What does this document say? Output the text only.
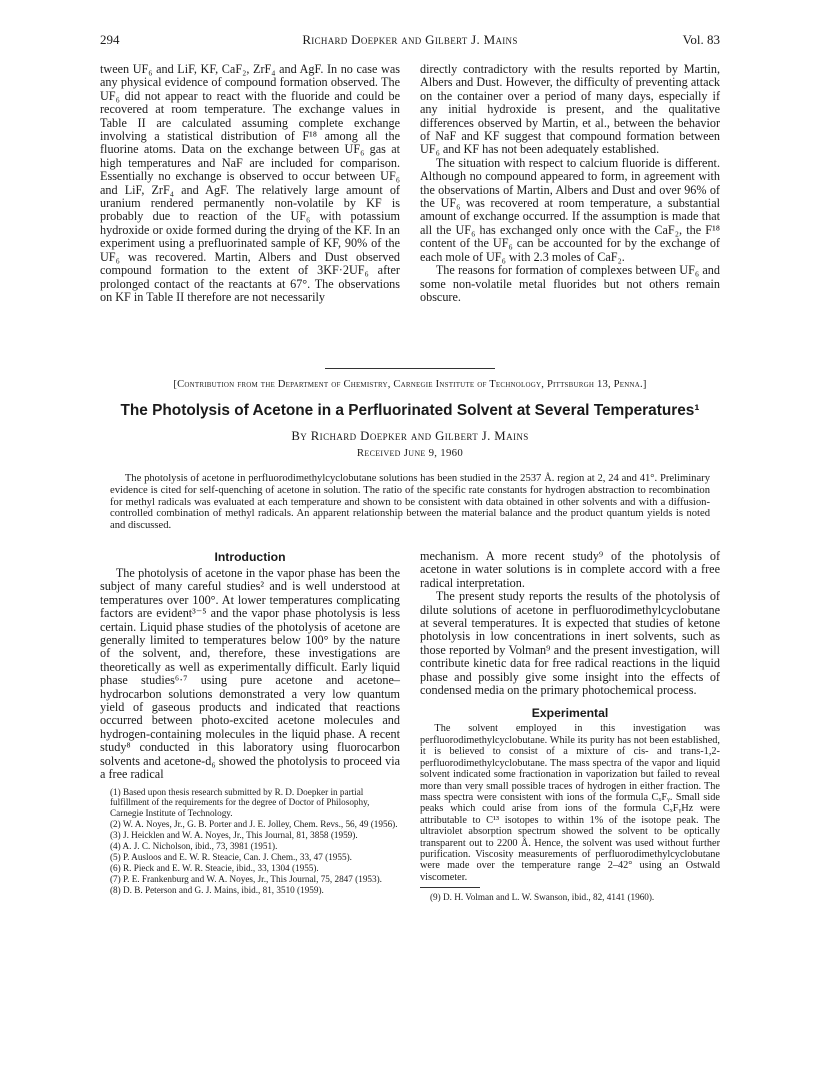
294	Richard Doepker and Gilbert J. Mains	Vol. 83

tween UF₆ and LiF, KF, CaF₂, ZrF₄ and AgF. In no case was any physical evidence of compound formation observed. The UF₆ did not appear to react with the fluoride and could be recovered at room temperature. The exchange values in Table II are calculated assuming complete exchange involving a statistical distribution of F¹⁸ among all the fluorine atoms. Data on the exchange between UF₆ gas at high temperatures and NaF are included for comparison. Essentially no exchange is observed to occur between UF₆ and LiF, ZrF₄ and AgF. The relatively large amount of uranium rendered permanently non-volatile by KF is probably due to reaction of the UF₆ with potassium hydroxide or oxide formed during the drying of the KF. In an experiment using a prefluorinated sample of KF, 90% of the UF₆ was recovered. Martin, Albers and Dust observed compound formation to the extent of 3KF·2UF₆ after prolonged contact of the reactants at 67°. The observations on KF in Table II therefore are not necessarily

directly contradictory with the results reported by Martin, Albers and Dust. However, the difficulty of preventing attack on the container over a period of many days, especially if any initial hydroxide is present, and the qualitative differences observed by Martin, et al., between the behavior of NaF and KF suggest that compound formation between UF₆ and KF has not been adequately established.

The situation with respect to calcium fluoride is different. Although no compound appeared to form, in agreement with the observations of Martin, Albers and Dust and over 96% of the UF₆ was recovered at room temperature, a substantial amount of exchange occurred. If the assumption is made that all the UF₆ has exchanged only once with the CaF₂, the F¹⁸ content of the UF₆ can be accounted for by the exchange of each mole of UF₆ with 2.3 moles of CaF₂.

The reasons for formation of complexes between UF₆ and some non-volatile metal fluorides but not others remain obscure.

[Contribution from the Department of Chemistry, Carnegie Institute of Technology, Pittsburgh 13, Penna.]
The Photolysis of Acetone in a Perfluorinated Solvent at Several Temperatures¹
By Richard Doepker and Gilbert J. Mains
Received June 9, 1960
The photolysis of acetone in perfluorodimethylcyclobutane solutions has been studied in the 2537 Å. region at 2, 24 and 41°. Preliminary evidence is cited for self-quenching of acetone in solution. The ratio of the specific rate constants for hydrogen abstraction to recombination for methyl radicals was evaluated at each temperature and shown to be consistent with data obtained in other solvents and with a diffusion-controlled combination of methyl radicals. An apparent relationship between the material balance and the product quantum yields is noted and discussed.
Introduction

The photolysis of acetone in the vapor phase has been the subject of many careful studies² and is well understood at temperatures over 100°. At lower temperatures complicating factors are evident³⁻⁵ and the vapor phase photolysis is less certain. Liquid phase studies of the photolysis of acetone are generally limited to temperatures below 100° by the nature of the solvent, and, therefore, these investigations are theoretically as well as experimentally difficult. Early liquid phase studies⁶·⁷ using pure acetone and acetone–hydrocarbon solutions demonstrated a very low quantum yield of gaseous products and indicated that reactions occurred between photo-excited acetone molecules and hydrogen-containing molecules in the liquid phase. A recent study⁸ conducted in this laboratory using fluorocarbon solvents and acetone-d₆ showed the photolysis to proceed via a free radical

(1) Based upon thesis research submitted by R. D. Doepker in partial fulfillment of the requirements for the degree of Doctor of Philosophy, Carnegie Institute of Technology.

(2) W. A. Noyes, Jr., G. B. Porter and J. E. Jolley, Chem. Revs., 56, 49 (1956).

(3) J. Heicklen and W. A. Noyes, Jr., This Journal, 81, 3858 (1959).

(4) A. J. C. Nicholson, ibid., 73, 3981 (1951).

(5) P. Ausloos and E. W. R. Steacie, Can. J. Chem., 33, 47 (1955).

(6) R. Pieck and E. W. R. Steacie, ibid., 33, 1304 (1955).

(7) P. E. Frankenburg and W. A. Noyes, Jr., This Journal, 75, 2847 (1953).

(8) D. B. Peterson and G. J. Mains, ibid., 81, 3510 (1959).

mechanism. A more recent study⁹ of the photolysis of acetone in water solutions is in complete accord with a free radical interpretation.

The present study reports the results of the photolysis of dilute solutions of acetone in perfluorodimethylcyclobutane at several temperatures. It is expected that studies of ketone photolysis in low concentrations in inert solvents, such as those reported by Volman⁹ and the present investigation, will contribute kinetic data for free radical reactions in the liquid phase and possibly give some insight into the effects of condensed media on the primary photochemical process.

Experimental

The solvent employed in this investigation was perfluorodimethylcyclobutane. While its purity has not been established, it is believed to consist of a mixture of cis- and trans-1,2-perfluorodimethylcyclobutane. The mass spectra of the vapor and liquid solvent indicated some fractionation in vaporization but failed to reveal more than very small possible traces of hydrogen in either fraction. The mass spectra were consistent with ions of the formula CₓFᵧ. Small side peaks which could arise from ions of the formula CₓFᵧHz were attributable to C¹³ isotopes to within 1% of the isotope peak. The ultraviolet absorption spectrum showed the solvent to be optically transparent out to 2200 Å. Hence, the solvent was used without further purification. Viscosity measurements of perfluorodimethylcyclobutane were made over the temperature range 2–42° using an Ostwald viscometer.

(9) D. H. Volman and L. W. Swanson, ibid., 82, 4141 (1960).
